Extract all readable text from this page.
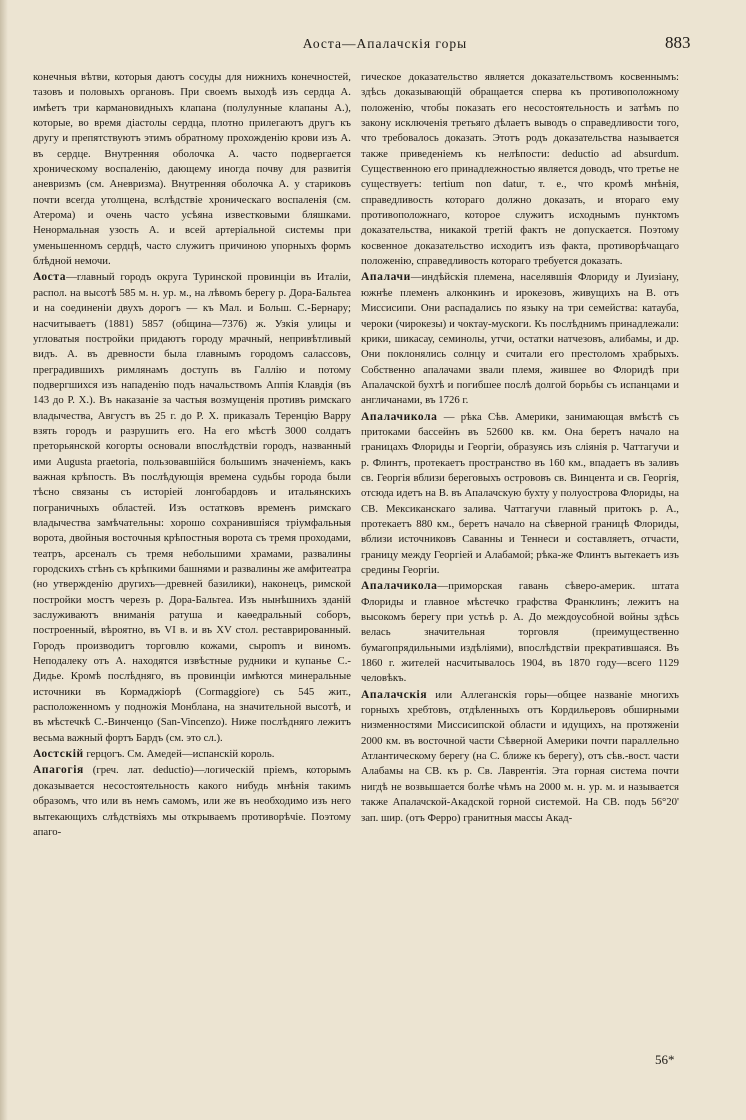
Аоста—Апалачскія горы	883

конечныя вѣтви, которыя даютъ сосуды для нижнихъ конечностей, тазовъ и половыхъ органовъ. При своемъ выходѣ изъ сердца А. имѣетъ три кармановидныхъ клапана (полулунные клапаны А.), которые, во время діастолы сердца, плотно прилегаютъ другъ къ другу и препятствуютъ этимъ обратному прохожденію крови изъ А. въ сердце. Внутренняя оболочка А. часто подвергается хроническому воспаленію, дающему иногда почву для развитія аневризмъ (см. Аневризма). Внутренняя оболочка А. у стариковъ почти всегда утолщена, вслѣдствіе хроническаго воспаленія (см. Атерома) и очень часто усѣяна известковыми бляшками. Ненормальная узость А. и всей артеріальной системы при уменьшенномъ сердцѣ, часто служитъ причиною упорныхъ формъ блѣдной немочи.

Аоста—главный городъ округа Туринской провинціи въ Италіи, распол. на высотѣ 585 м. н. ур. м., на лѣвомъ берегу р. Дора-Бальтеа и на соединеніи двухъ дорогъ — къ Мал. и Больш. С.-Бернару; насчитываетъ (1881) 5857 (община—7376) ж. Узкія улицы и угловатыя постройки придаютъ городу мрачный, непривѣтливый видъ. А. въ древности была главнымъ городомъ салассовъ, преградившихъ римлянамъ доступъ въ Галлію и потому подвергшихся изъ нападенію подъ начальствомъ Аппія Клавдія (въ 143 до Р. Х.). Въ наказаніе за частыя возмущенія противъ римскаго владычества, Августъ въ 25 г. до Р. Х. приказалъ Теренцію Варру взять городъ и разрушить его. На его мѣстѣ 3000 солдатъ преторьянской когорты основали впослѣдствіи городъ, названный ими Augusta praetoria, пользовавшійся большимъ значеніемъ, какъ важная крѣпость. Въ послѣдующія времена судьбы города были тѣсно связаны съ исторіей лонгобардовъ и итальянскихъ пограничныхъ областей. Изъ остатковъ временъ римскаго владычества замѣчательны: хорошо сохранившіяся тріумфальныя ворота, двойныя восточныя крѣпостныя ворота съ тремя проходами, театръ, арсеналъ съ тремя небольшими храмами, развалины городскихъ стѣнъ съ крѣпкими башнями и развалины же амфитеатра (но утвержденію другихъ—древней базилики), наконецъ, римской постройки мостъ черезъ р. Дора-Бальтеа. Изъ нынѣшнихъ зданій заслуживаютъ вниманія ратуша и каѳедральный соборъ, построенный, вѣроятно, въ VI в. и въ XV стол. реставрированный. Городъ производитъ торговлю кожами, сырomъ и виномъ. Неподалеку отъ А. находятся извѣстные рудники и купанье С.-Дидье. Кромѣ послѣдняго, въ провинціи имѣются минеральные источники въ Кормаджіорѣ (Cormaggiore) съ 545 жит., расположенномъ у подножія Монблана, на значительной высотѣ, и въ мѣстечкѣ С.-Винченцо (San-Vincenzo). Ниже послѣдняго лежитъ весьма важный фортъ Бардъ (см. это сл.).

Аостскій герцогъ. См. Амедей—испанскій король.

Апагогія (греч. лат. deductio)—логическій пріемъ, которымъ доказывается несостоятельность какого нибудь мнѣнія такимъ образомъ, что или въ немъ самомъ, или же въ необходимо изъ него вытекающихъ слѣдствіяхъ мы открываемъ противорѣчіе. Поэтому апаго-

гическое доказательство является доказательствомъ косвеннымъ: здѣсь доказывающій обращается сперва къ противоположному положенію, чтобы показать его несостоятельность и затѣмъ по закону исключенія третьяго дѣлаетъ выводъ о справедливости того, что требовалось доказать. Этотъ родъ доказательства называется также приведеніемъ къ нелѣпости: deductio ad absurdum. Существенною его принадлежностью является доводъ, что третье не существуетъ: tertium non datur, т. е., что кромѣ мнѣнія, справедливость котораго должно доказать, и втораго ему противоположнаго, которое служитъ исходнымъ пунктомъ доказательства, никакой третій фактъ не допускается. Поэтому косвенное доказательство исходитъ изъ факта, противорѣчащаго положенію, справедливость котораго требуется доказать.

Апалачи—индѣйскія племена, населявшія Флориду и Луизіану, южнѣе племенъ алконкинъ и ирокезовъ, живущихъ на В. отъ Миссисипи. Они распадались по языку на три семейства: катауба, чероки (чирокезы) и чоктау-мускоги. Къ послѣднимъ принадлежали: крики, шикасау, семинолы, утчи, остатки натчезовъ, алибамы, и др. Они поклонялись солнцу и считали его престоломъ храбрыхъ. Собственно апалачами звали племя, жившее во Флоридѣ при Апалачской бухтѣ и погибшее послѣ долгой борьбы съ испанцами и англичанами, въ 1726 г.

Апалачикола — рѣка Сѣв. Америки, занимающая вмѣстѣ съ притоками бассейнъ въ 52600 кв. км. Она беретъ начало на границахъ Флориды и Георгіи, образуясь изъ сліянія р. Чаттагучи и р. Флинтъ, протекаетъ пространство въ 160 км., впадаетъ въ заливъ св. Георгія вблизи береговыхъ острововъ св. Винцента и св. Георгія, отсюда идетъ на В. въ Апалачскую бухту у полуострова Флориды, на СВ. Мексиканскаго залива. Чаттагучи главный притокъ р. А., протекаетъ 880 км., беретъ начало на сѣверной границѣ Флориды, вблизи источниковъ Саванны и Теннеси и составляетъ, отчасти, границу между Георгіей и Алабамой; рѣка-же Флинтъ вытекаетъ изъ средины Георгіи.

Апалачикола—приморская гавань сѣверо-америк. штата Флориды и главное мѣстечко графства Франклинъ; лежитъ на высокомъ берегу при устьѣ р. А. До междоусобной войны здѣсь велась значительная торговля (преимущественно бумагопрядильными издѣліями), впослѣдствіи прекратившаяся. Въ 1860 г. жителей насчитывалось 1904, въ 1870 году—всего 1129 человѣкъ.

Апалачскія или Аллеганскія горы—общее названіе многихъ горныхъ хребтовъ, отдѣленныхъ отъ Кордильеровъ обширными низменностями Миссисипской области и идущихъ, на протяженіи 2000 км. въ восточной части Сѣверной Америки почти параллельно Атлантическому берегу (на С. ближе къ берегу), отъ сѣв.-вост. части Алабамы на СВ. къ р. Св. Лаврентія. Эта горная система почти нигдѣ не возвышается болѣе чѣмъ на 2000 м. н. ур. м. и называется также Апалачской-Акадской горной системой. На СВ. подъ 56°20' зап. шир. (отъ Ферро) гранитныя массы Акад-

56*
